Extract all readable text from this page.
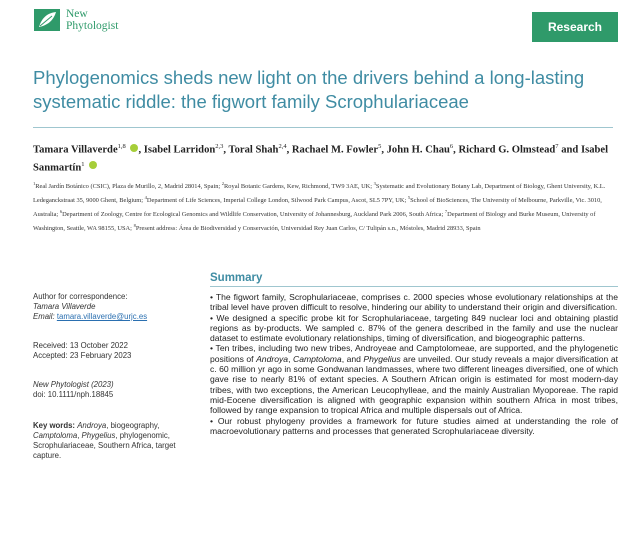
New
Phytologist	Research
Phylogenomics sheds new light on the drivers behind a long-lasting systematic riddle: the figwort family Scrophulariaceae
Tamara Villaverde$^{1,8}$ , Isabel Larridon$^{2,3}$, Toral Shah$^{2,4}$, Rachael M. Fowler$^5$, John H. Chau$^6$, Richard G. Olmstead$^7$ and Isabel Sanmartín$^1$
$^1$Real Jardín Botánico (CSIC), Plaza de Murillo, 2, Madrid 28014, Spain; $^2$Royal Botanic Gardens, Kew, Richmond, TW9 3AE, UK; $^3$Systematic and Evolutionary Botany Lab, Department of Biology, Ghent University, K.L. Ledeganckstraat 35, 9000 Ghent, Belgium; $^4$Department of Life Sciences, Imperial College London, Silwood Park Campus, Ascot, SL5 7PY, UK; $^5$School of BioSciences, The University of Melbourne, Parkville, Vic. 3010, Australia; $^6$Department of Zoology, Centre for Ecological Genomics and Wildlife Conservation, University of Johannesburg, Auckland Park 2006, South Africa; $^7$Department of Biology and Burke Museum, University of Washington, Seattle, WA 98155, USA; $^8$Present address: Área de Biodiversidad y Conservación, Universidad Rey Juan Carlos, C/ Tulipán s.n., Móstoles, Madrid 28933, Spain
Author for correspondence:
Tamara Villaverde
Email: tamara.villaverde@urjc.es
Received: 13 October 2022
Accepted: 23 February 2023
New Phytologist (2023)
doi: 10.1111/nph.18845
Key words: Androya, biogeography, Camptoloma, Phygelius, phylogenomic, Scrophulariaceae, Southern Africa, target capture.
Summary

• The figwort family, Scrophulariaceae, comprises c. 2000 species whose evolutionary relationships at the tribal level have proven difficult to resolve, hindering our ability to understand their origin and diversification.

• We designed a specific probe kit for Scrophulariaceae, targeting 849 nuclear loci and obtaining plastid regions as by-products. We sampled c. 87% of the genera described in the family and use the nuclear dataset to estimate evolutionary relationships, timing of diversification, and biogeographic patterns.

• Ten tribes, including two new tribes, Androyeae and Camptolomeae, are supported, and the phylogenetic positions of Androya, Camptoloma, and Phygelius are unveiled. Our study reveals a major diversification at c. 60 million yr ago in some Gondwanan landmasses, where two different lineages diversified, one of which gave rise to nearly 81% of extant species. A Southern African origin is estimated for most modern-day tribes, with two exceptions, the American Leucophylleae, and the mainly Australian Myoporeae. The rapid mid-Eocene diversification is aligned with geographic expansion within southern Africa in most tribes, followed by range expansion to tropical Africa and multiple dispersals out of Africa.

• Our robust phylogeny provides a framework for future studies aimed at understanding the role of macroevolutionary patterns and processes that generated Scrophulariaceae diversity.
